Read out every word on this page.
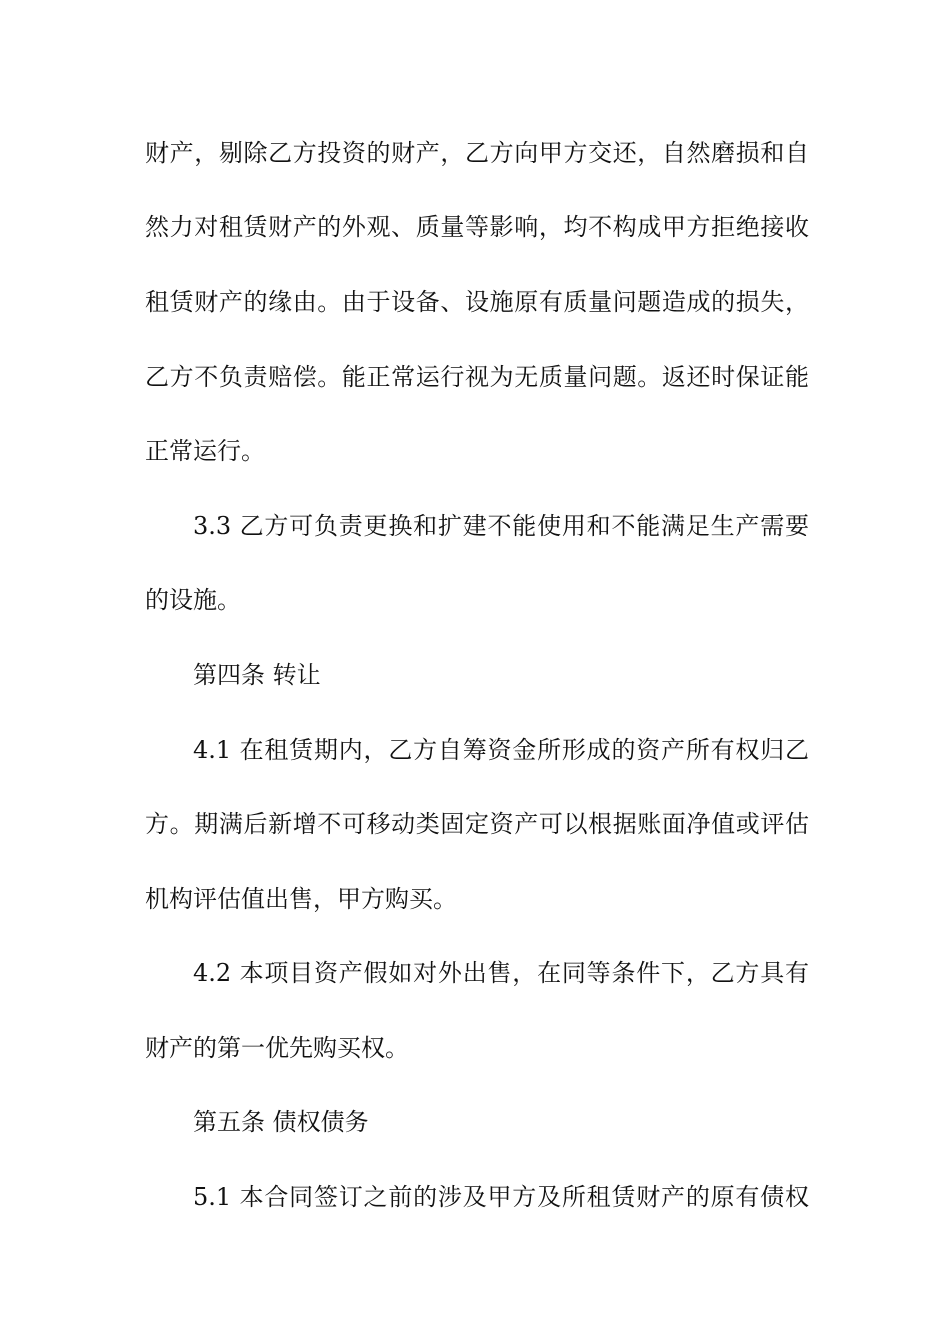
财产，剔除乙方投资的财产，乙方向甲方交还，自然磨损和自
然力对租赁财产的外观、质量等影响，均不构成甲方拒绝接收
租赁财产的缘由。由于设备、设施原有质量问题造成的损失，
乙方不负责赔偿。能正常运行视为无质量问题。返还时保证能
正常运行。
3.3 乙方可负责更换和扩建不能使用和不能满足生产需要
的设施。
第四条 转让
4.1 在租赁期内，乙方自筹资金所形成的资产所有权归乙
方。期满后新增不可移动类固定资产可以根据账面净值或评估
机构评估值出售，甲方购买。
4.2 本项目资产假如对外出售，在同等条件下，乙方具有
财产的第一优先购买权。
第五条 债权债务
5.1 本合同签订之前的涉及甲方及所租赁财产的原有债权
